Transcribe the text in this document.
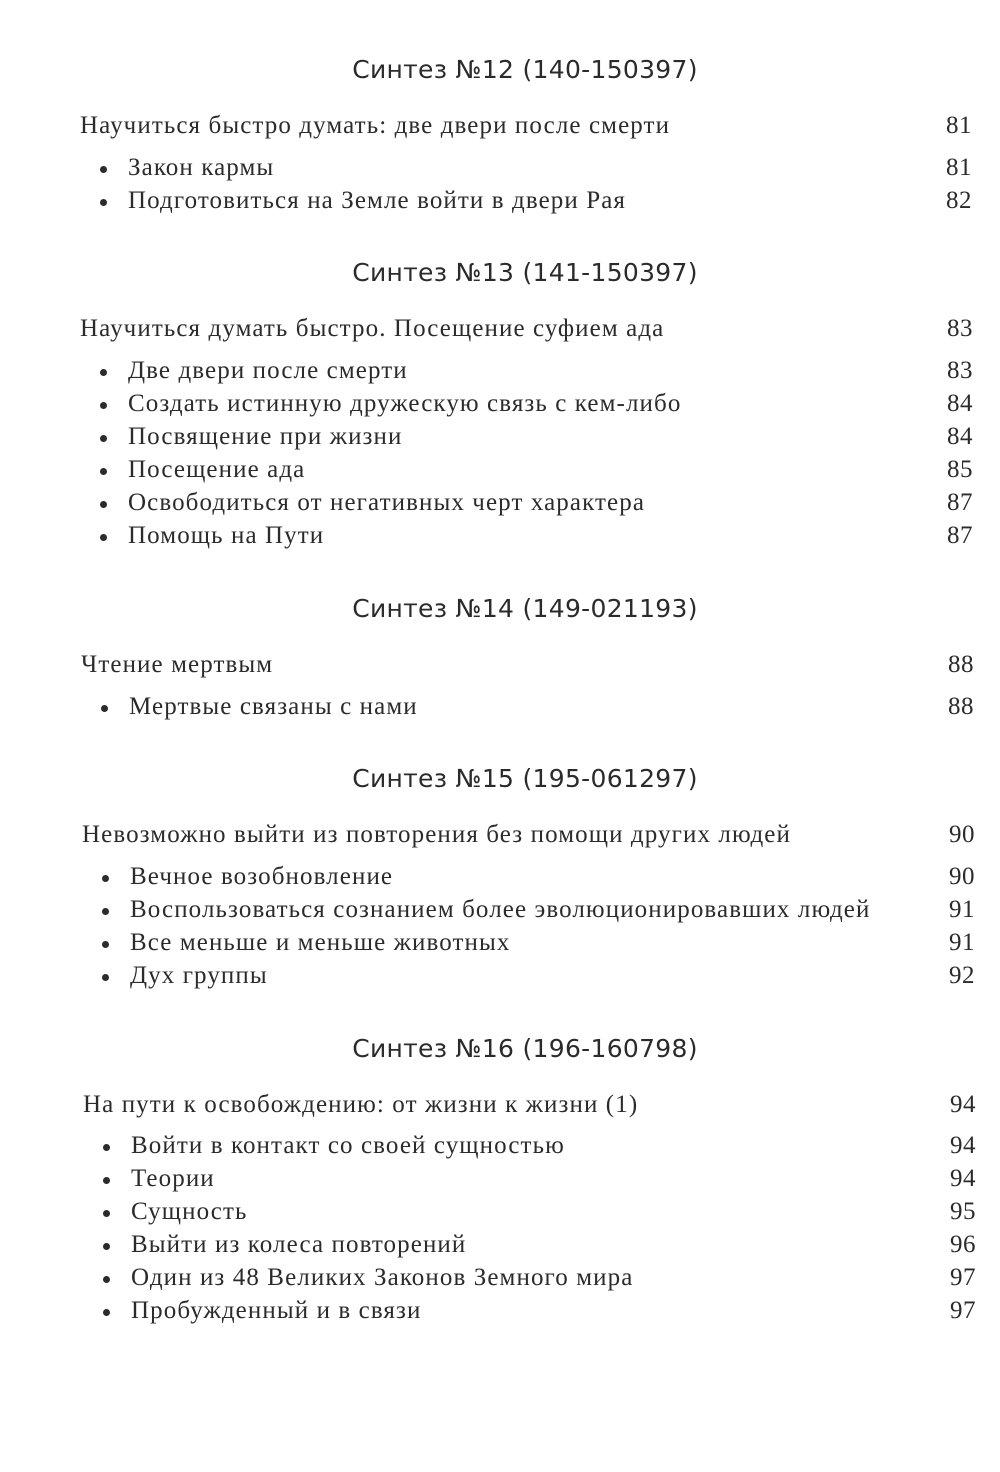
Синтез №12 (140-150397)
Научиться быстро думать: две двери после смерти	81
Закон кармы	81
Подготовиться на Земле войти в двери Рая	82
Синтез №13 (141-150397)
Научиться думать быстро. Посещение суфием ада	83
Две двери после смерти	83
Создать истинную дружескую связь с кем-либо	84
Посвящение при жизни	84
Посещение ада	85
Освободиться от негативных черт характера	87
Помощь на Пути	87
Синтез №14 (149-021193)
Чтение мертвым	88
Мертвые связаны с нами	88
Синтез №15 (195-061297)
Невозможно выйти из повторения без помощи других людей	90
Вечное возобновление	90
Воспользоваться сознанием более эволюционировавших людей	91
Все меньше и меньше животных	91
Дух группы	92
Синтез №16 (196-160798)
На пути к освобождению: от жизни к жизни (1)	94
Войти в контакт со своей сущностью	94
Теории	94
Сущность	95
Выйти из колеса повторений	96
Один из 48 Великих Законов Земного мира	97
Пробужденный и в связи	97
